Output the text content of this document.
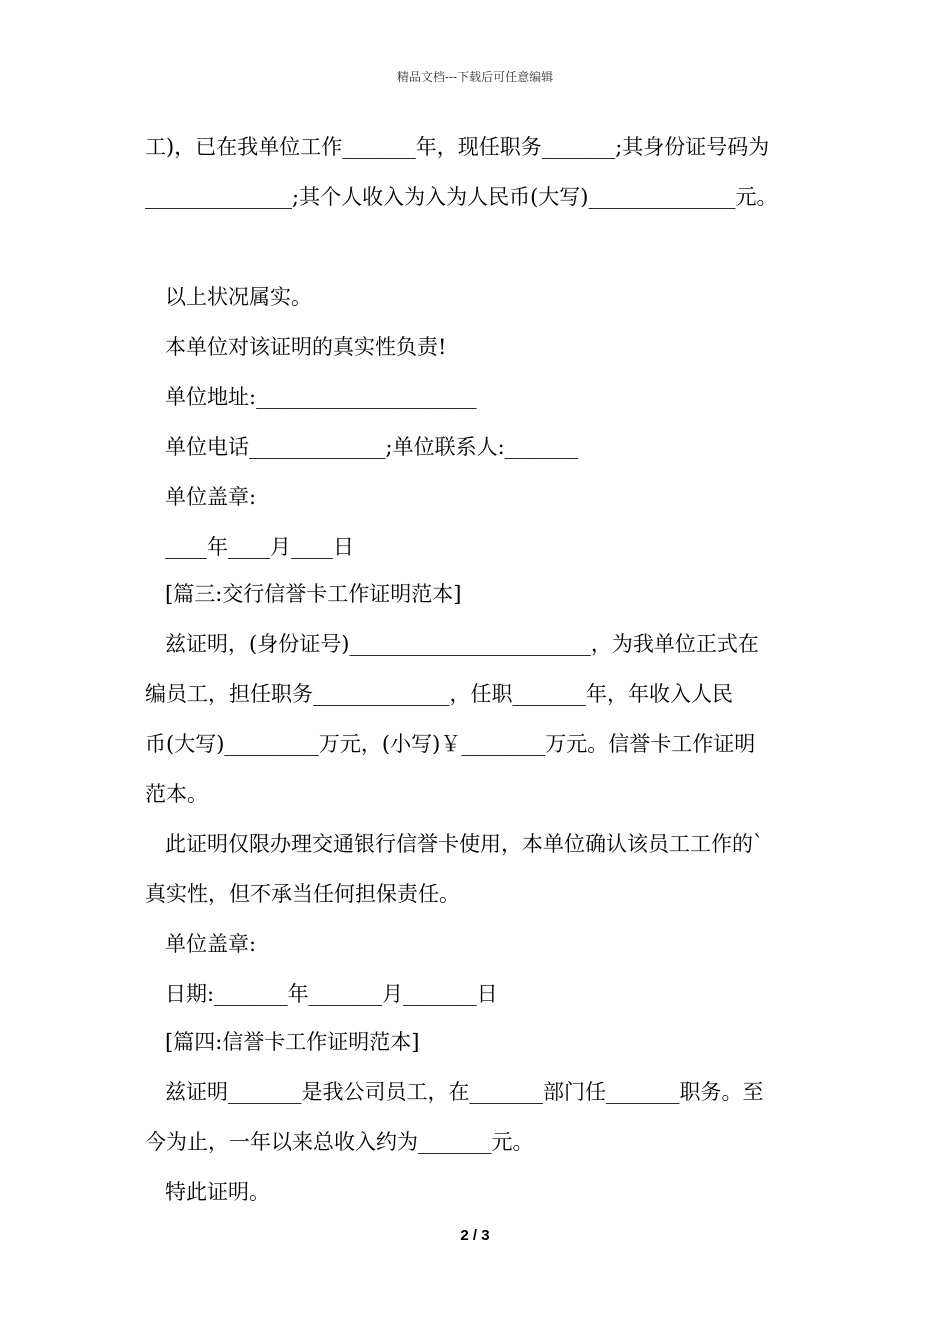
精品文档---下载后可任意编辑
工)，已在我单位工作_______年，现任职务_______;其身份证号码为
______________;其个人收入为入为人民币(大写)______________元。
以上状况属实。
本单位对该证明的真实性负责!
单位地址:_____________________
单位电话_____________;单位联系人:_______
单位盖章:
____年____月____日
[篇三:交行信誉卡工作证明范本]
兹证明，(身份证号)_______________________，为我单位正式在
编员工，担任职务_____________，任职_______年，年收入人民
币(大写)_________万元，(小写)￥________万元。信誉卡工作证明
范本。
此证明仅限办理交通银行信誉卡使用，本单位确认该员工工作的`
真实性，但不承当任何担保责任。
单位盖章:
日期:_______年_______月_______日
[篇四:信誉卡工作证明范本]
兹证明_______是我公司员工，在_______部门任_______职务。至
今为止，一年以来总收入约为_______元。
特此证明。
2 / 3
